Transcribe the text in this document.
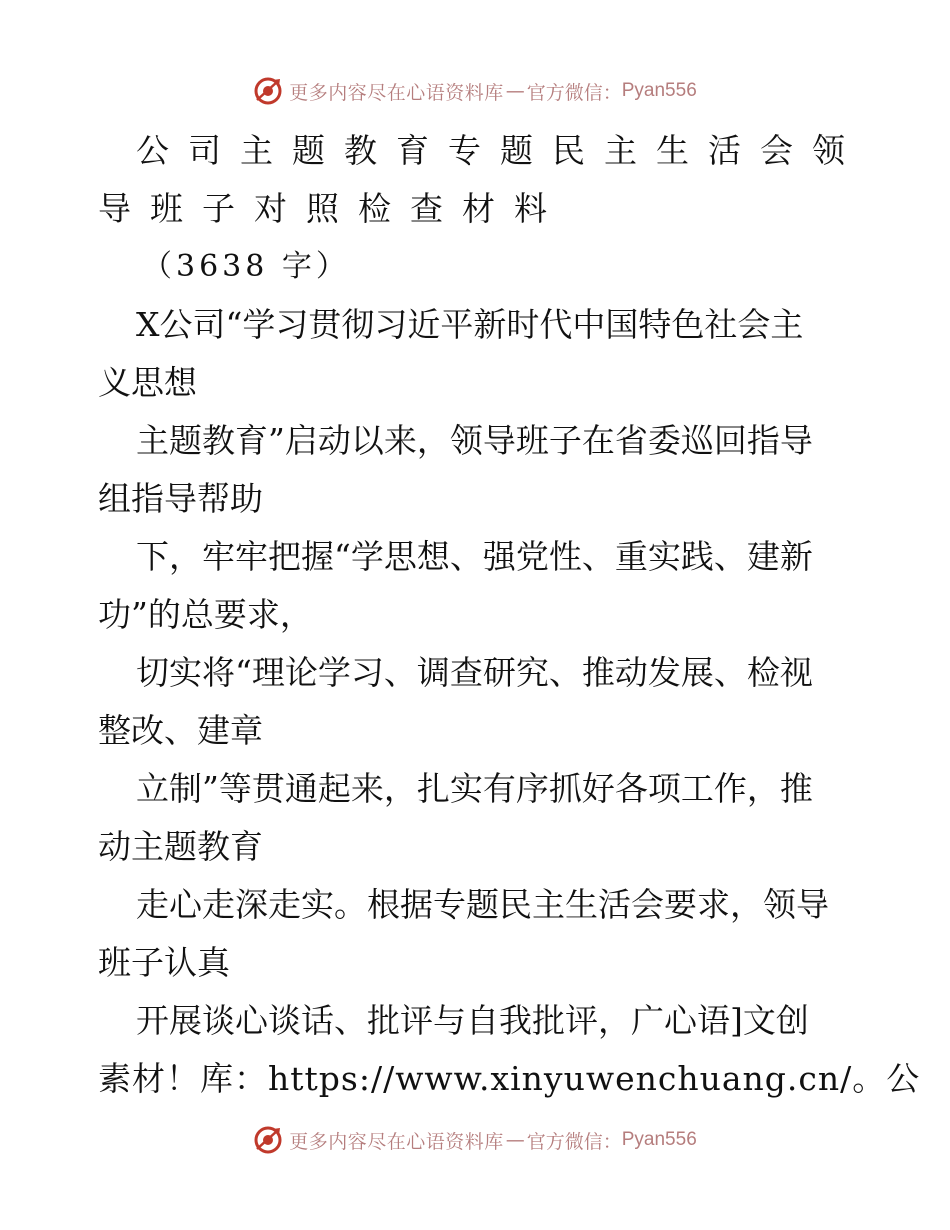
更多内容尽在心语资料库 — 官方微信： Pyan556
公司主题教育专题民主生活会领
导班子对照检查材料
（3638 字）
X公司“学习贯彻习近平新时代中国特色社会主
义思想
主题教育”启动以来，领导班子在省委巡回指导
组指导帮助
下，牢牢把握“学思想、强党性、重实践、建新
功”的总要求，
切实将“理论学习、调查研究、推动发展、检视
整改、建章
立制”等贯通起来，扎实有序抓好各项工作，推
动主题教育
走心走深走实。根据专题民主生活会要求，领导
班子认真
开展谈心谈话、批评与自我批评，广心语]文创
素材！库：https://www.xinyuwenchuang.cn/。公
更多内容尽在心语资料库 — 官方微信： Pyan556
